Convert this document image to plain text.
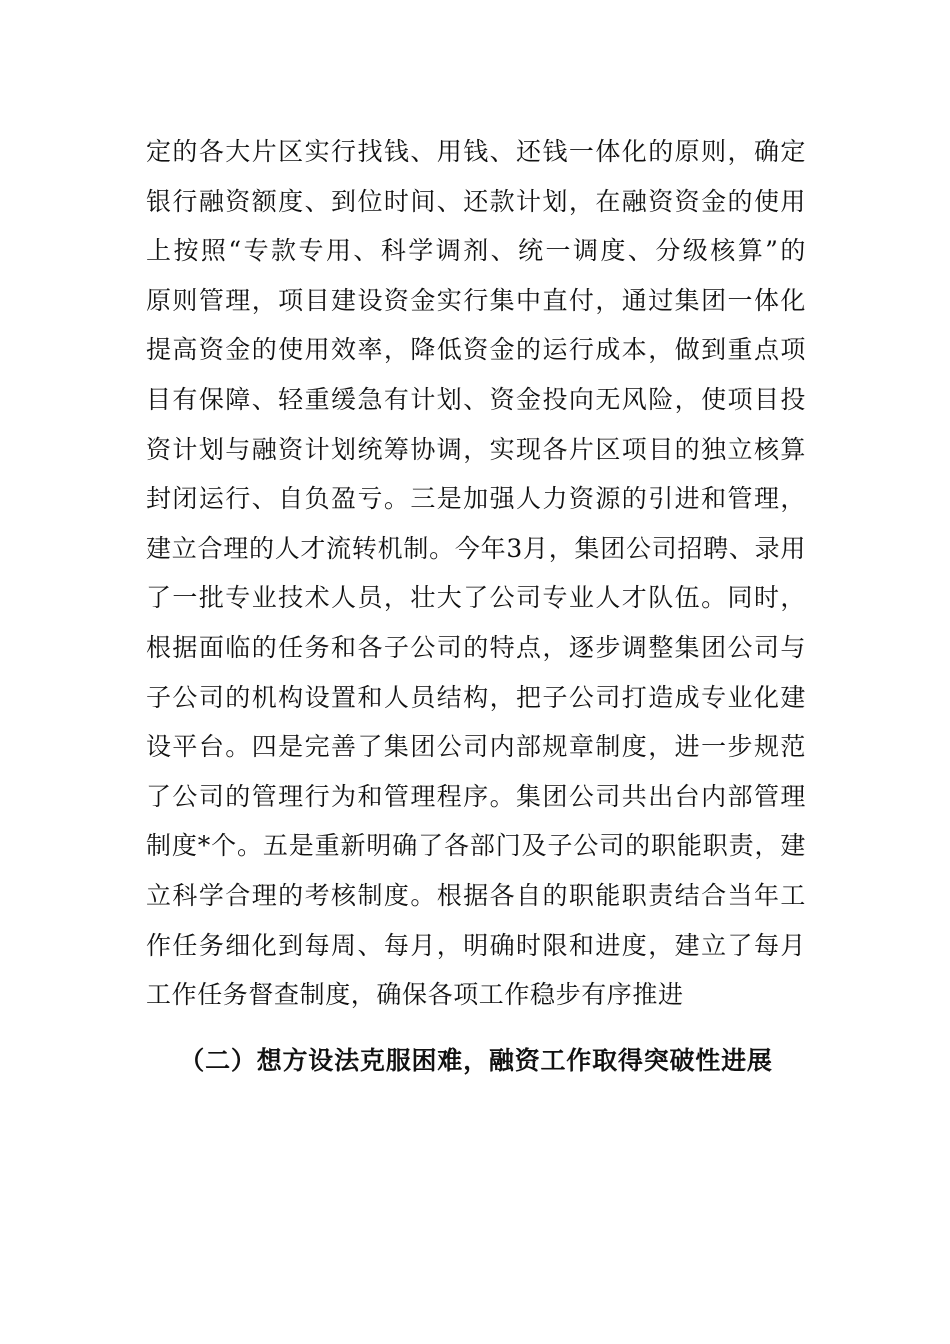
定的各大片区实行找钱、用钱、还钱一体化的原则，确定
银行融资额度、到位时间、还款计划，在融资资金的使用
上按照“专款专用、科学调剂、统一调度、分级核算”的
原则管理，项目建设资金实行集中直付，通过集团一体化
提高资金的使用效率，降低资金的运行成本，做到重点项
目有保障、轻重缓急有计划、资金投向无风险，使项目投
资计划与融资计划统筹协调，实现各片区项目的独立核算
封闭运行、自负盈亏。三是加强人力资源的引进和管理，
建立合理的人才流转机制。今年3月，集团公司招聘、录用
了一批专业技术人员，壮大了公司专业人才队伍。同时，
根据面临的任务和各子公司的特点，逐步调整集团公司与
子公司的机构设置和人员结构，把子公司打造成专业化建
设平台。四是完善了集团公司内部规章制度，进一步规范
了公司的管理行为和管理程序。集团公司共出台内部管理
制度*个。五是重新明确了各部门及子公司的职能职责，建
立科学合理的考核制度。根据各自的职能职责结合当年工
作任务细化到每周、每月，明确时限和进度，建立了每月
工作任务督查制度，确保各项工作稳步有序推进
（二）想方设法克服困难，融资工作取得突破性进展
